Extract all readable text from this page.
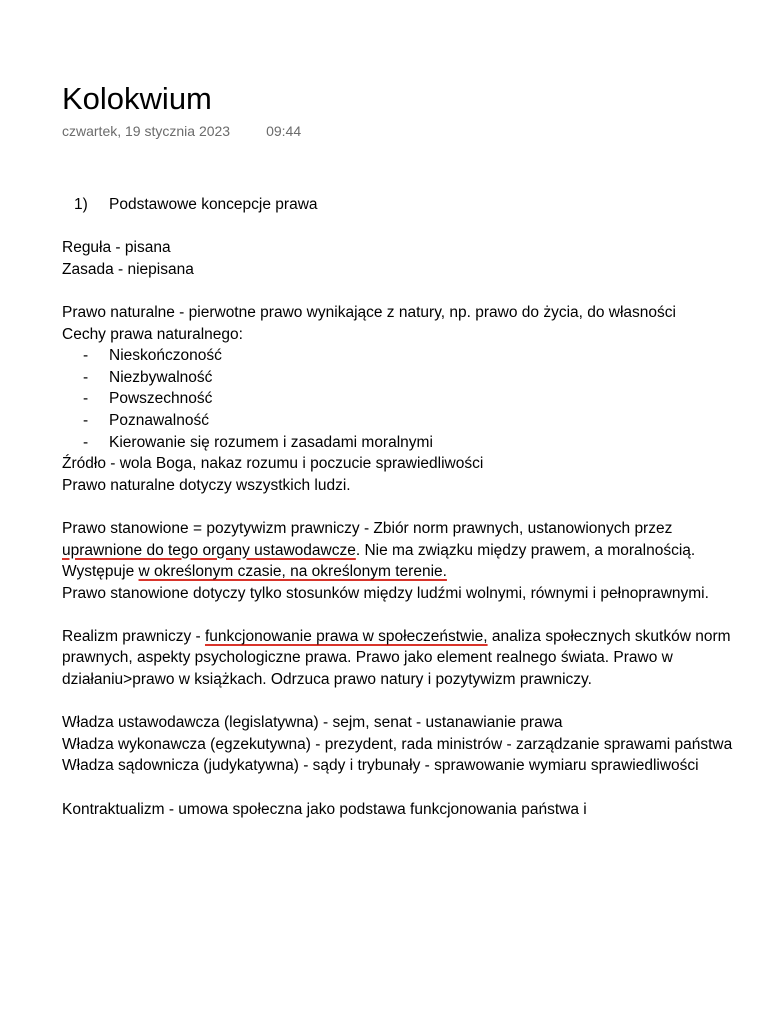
Kolokwium
czwartek, 19 stycznia 2023	09:44

1) Podstawowe koncepcje prawa

Reguła - pisana

Zasada - niepisana

Prawo naturalne - pierwotne prawo wynikające z natury, np. prawo do życia, do własności

Cechy prawa naturalnego:

- Nieskończoność
- Niezbywalność
- Powszechność
- Poznawalność
- Kierowanie się rozumem i zasadami moralnymi

Źródło - wola Boga, nakaz rozumu i poczucie sprawiedliwości

Prawo naturalne dotyczy wszystkich ludzi.

Prawo stanowione = pozytywizm prawniczy - Zbiór norm prawnych, ustanowionych przez uprawnione do tego organy ustawodawcze. Nie ma związku między prawem, a moralnością. Występuje w określonym czasie, na określonym terenie.

Prawo stanowione dotyczy tylko stosunków między ludźmi wolnymi, równymi i pełnoprawnymi.

Realizm prawniczy - funkcjonowanie prawa w społeczeństwie, analiza społecznych skutków norm prawnych, aspekty psychologiczne prawa. Prawo jako element realnego świata. Prawo w działaniu>prawo w książkach. Odrzuca prawo natury i pozytywizm prawniczy.

Władza ustawodawcza (legislatywna) - sejm, senat - ustanawianie prawa

Władza wykonawcza (egzekutywna) - prezydent, rada ministrów - zarządzanie sprawami państwa

Władza sądownicza (judykatywna) - sądy i trybunały - sprawowanie wymiaru sprawiedliwości

Kontraktualizm - umowa społeczna jako podstawa funkcjonowania państwa i
